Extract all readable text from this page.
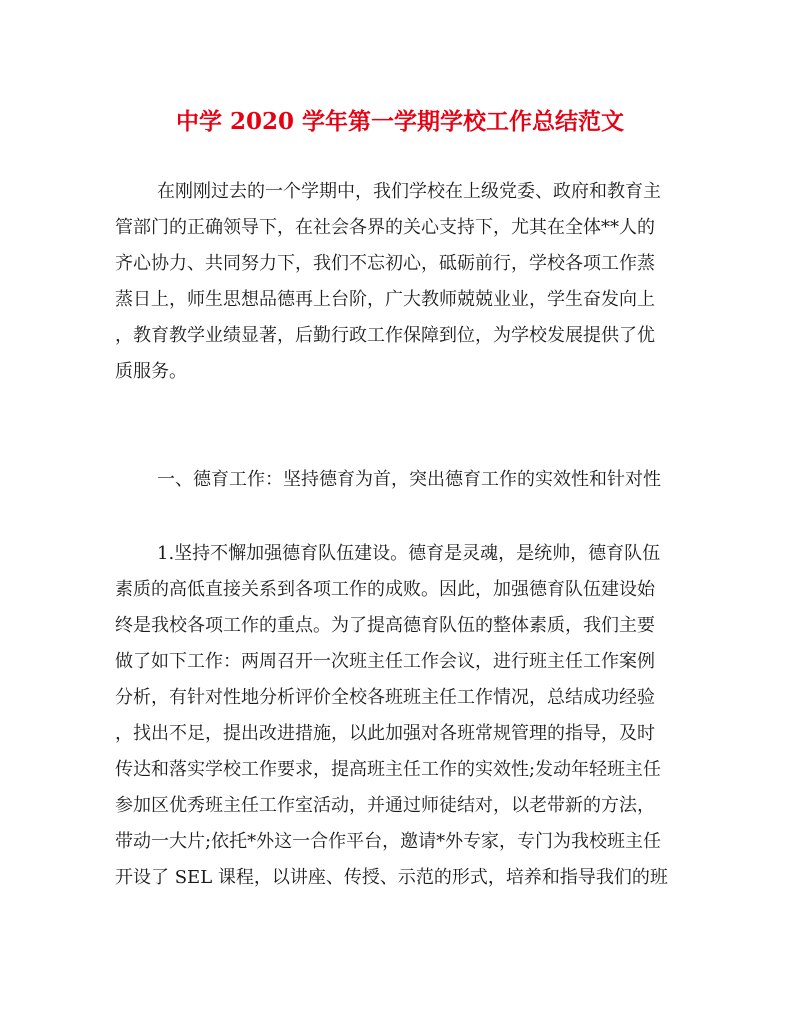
中学 2020 学年第一学期学校工作总结范文
在刚刚过去的一个学期中，我们学校在上级党委、政府和教育主
管部门的正确领导下，在社会各界的关心支持下，尤其在全体**人的
齐心协力、共同努力下，我们不忘初心，砥砺前行，学校各项工作蒸
蒸日上，师生思想品德再上台阶，广大教师兢兢业业，学生奋发向上
，教育教学业绩显著，后勤行政工作保障到位，为学校发展提供了优
质服务。
一、德育工作：坚持德育为首，突出德育工作的实效性和针对性
1.坚持不懈加强德育队伍建设。德育是灵魂，是统帅，德育队伍
素质的高低直接关系到各项工作的成败。因此，加强德育队伍建设始
终是我校各项工作的重点。为了提高德育队伍的整体素质，我们主要
做了如下工作：两周召开一次班主任工作会议，进行班主任工作案例
分析，有针对性地分析评价全校各班班主任工作情况，总结成功经验
，找出不足，提出改进措施，以此加强对各班常规管理的指导，及时
传达和落实学校工作要求，提高班主任工作的实效性;发动年轻班主任
参加区优秀班主任工作室活动，并通过师徒结对，以老带新的方法，
带动一大片;依托*外这一合作平台，邀请*外专家，专门为我校班主任
开设了 SEL 课程，以讲座、传授、示范的形式，培养和指导我们的班
